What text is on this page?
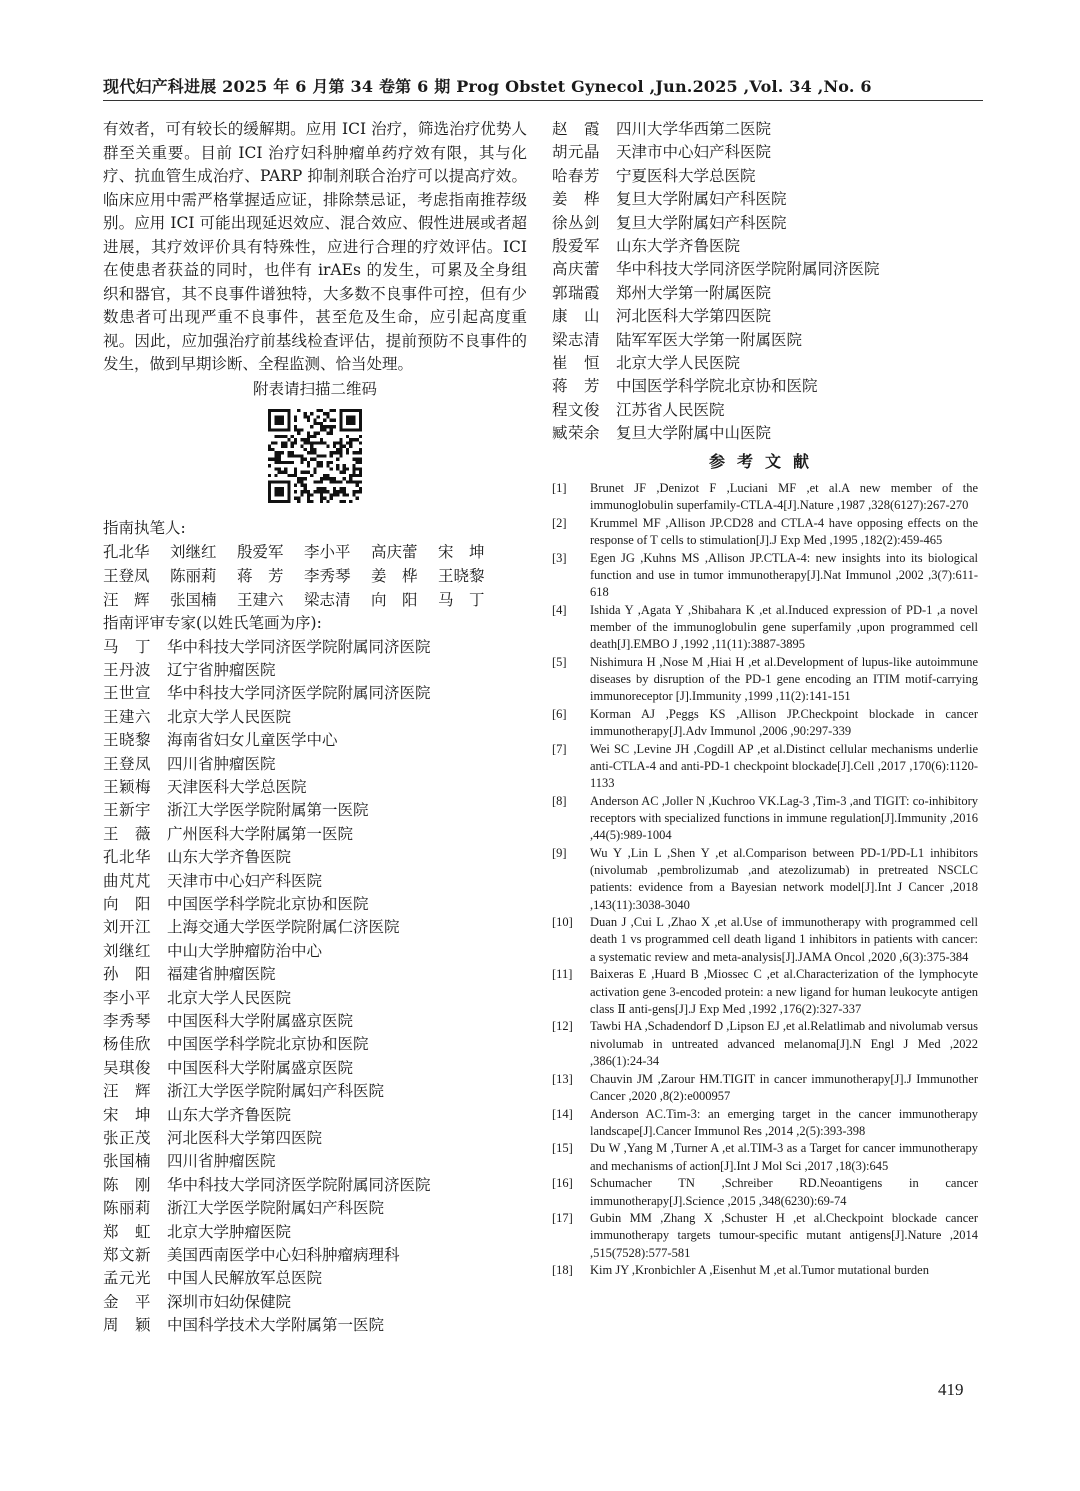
现代妇产科进展 2025 年 6 月第 34 卷第 6 期 Prog Obstet Gynecol ,Jun.2025 ,Vol. 34 ,No. 6

有效者，可有较长的缓解期。应用 ICI 治疗，筛选治疗优势人群至关重要。目前 ICI 治疗妇科肿瘤单药疗效有限，其与化疗、抗血管生成治疗、PARP 抑制剂联合治疗可以提高疗效。临床应用中需严格掌握适应证，排除禁忌证，考虑指南推荐级别。应用 ICI 可能出现延迟效应、混合效应、假性进展或者超进展，其疗效评价具有特殊性，应进行合理的疗效评估。ICI 在使患者获益的同时，也伴有 irAEs 的发生，可累及全身组织和器官，其不良事件谱独特，大多数不良事件可控，但有少数患者可出现严重不良事件，甚至危及生命，应引起高度重视。因此，应加强治疗前基线检查评估，提前预防不良事件的发生，做到早期诊断、全程监测、恰当处理。

附表请扫描二维码
指南执笔人:
孔北华	刘继红	殷爱军	李小平	高庆蕾	宋　坤
王登凤	陈丽莉	蒋　芳	李秀琴	姜　桦	王晓黎
汪　辉	张国楠	王建六	梁志清	向　阳	马　丁
指南评审专家(以姓氏笔画为序):
马　丁	华中科技大学同济医学院附属同济医院
王丹波	辽宁省肿瘤医院
王世宣	华中科技大学同济医学院附属同济医院
王建六	北京大学人民医院
王晓黎	海南省妇女儿童医学中心
王登凤	四川省肿瘤医院
王颖梅	天津医科大学总医院
王新宇	浙江大学医学院附属第一医院
王　薇	广州医科大学附属第一医院
孔北华	山东大学齐鲁医院
曲芃芃	天津市中心妇产科医院
向　阳	中国医学科学院北京协和医院
刘开江	上海交通大学医学院附属仁济医院
刘继红	中山大学肿瘤防治中心
孙　阳	福建省肿瘤医院
李小平	北京大学人民医院
李秀琴	中国医科大学附属盛京医院
杨佳欣	中国医学科学院北京协和医院
吴琪俊	中国医科大学附属盛京医院
汪　辉	浙江大学医学院附属妇产科医院
宋　坤	山东大学齐鲁医院
张正茂	河北医科大学第四医院
张国楠	四川省肿瘤医院
陈　刚	华中科技大学同济医学院附属同济医院
陈丽莉	浙江大学医学院附属妇产科医院
郑　虹	北京大学肿瘤医院
郑文新	美国西南医学中心妇科肿瘤病理科
孟元光	中国人民解放军总医院
金　平	深圳市妇幼保健院
周　颖	中国科学技术大学附属第一医院
赵　霞	四川大学华西第二医院
胡元晶	天津市中心妇产科医院
哈春芳	宁夏医科大学总医院
姜　桦	复旦大学附属妇产科医院
徐丛剑	复旦大学附属妇产科医院
殷爱军	山东大学齐鲁医院
高庆蕾	华中科技大学同济医学院附属同济医院
郭瑞霞	郑州大学第一附属医院
康　山	河北医科大学第四医院
梁志清	陆军军医大学第一附属医院
崔　恒	北京大学人民医院
蒋　芳	中国医学科学院北京协和医院
程文俊	江苏省人民医院
臧荣余	复旦大学附属中山医院
参考文献
[1]	Brunet JF ,Denizot F ,Luciani MF ,et al.A new member of the immunoglobulin superfamily-CTLA-4[J].Nature ,1987 ,328(6127):267-270
[2]	Krummel MF ,Allison JP.CD28 and CTLA-4 have opposing effects on the response of T cells to stimulation[J].J Exp Med ,1995 ,182(2):459-465
[3]	Egen JG ,Kuhns MS ,Allison JP.CTLA-4: new insights into its biological function and use in tumor immunotherapy[J].Nat Immunol ,2002 ,3(7):611-618
[4]	Ishida Y ,Agata Y ,Shibahara K ,et al.Induced expression of PD-1 ,a novel member of the immunoglobulin gene superfamily ,upon programmed cell death[J].EMBO J ,1992 ,11(11):3887-3895
[5]	Nishimura H ,Nose M ,Hiai H ,et al.Development of lupus-like autoimmune diseases by disruption of the PD-1 gene encoding an ITIM motif-carrying immunoreceptor [J].Immunity ,1999 ,11(2):141-151
[6]	Korman AJ ,Peggs KS ,Allison JP.Checkpoint blockade in cancer immunotherapy[J].Adv Immunol ,2006 ,90:297-339
[7]	Wei SC ,Levine JH ,Cogdill AP ,et al.Distinct cellular mechanisms underlie anti-CTLA-4 and anti-PD-1 checkpoint blockade[J].Cell ,2017 ,170(6):1120-1133
[8]	Anderson AC ,Joller N ,Kuchroo VK.Lag-3 ,Tim-3 ,and TIGIT: co-inhibitory receptors with specialized functions in immune regulation[J].Immunity ,2016 ,44(5):989-1004
[9]	Wu Y ,Lin L ,Shen Y ,et al.Comparison between PD-1/PD-L1 inhibitors (nivolumab ,pembrolizumab ,and atezolizumab) in pretreated NSCLC patients: evidence from a Bayesian network model[J].Int J Cancer ,2018 ,143(11):3038-3040
[10]	Duan J ,Cui L ,Zhao X ,et al.Use of immunotherapy with programmed cell death 1 vs programmed cell death ligand 1 inhibitors in patients with cancer: a systematic review and meta-analysis[J].JAMA Oncol ,2020 ,6(3):375-384
[11]	Baixeras E ,Huard B ,Miossec C ,et al.Characterization of the lymphocyte activation gene 3-encoded protein: a new ligand for human leukocyte antigen class Ⅱ anti-gens[J].J Exp Med ,1992 ,176(2):327-337
[12]	Tawbi HA ,Schadendorf D ,Lipson EJ ,et al.Relatlimab and nivolumab versus nivolumab in untreated advanced melanoma[J].N Engl J Med ,2022 ,386(1):24-34
[13]	Chauvin JM ,Zarour HM.TIGIT in cancer immunotherapy[J].J Immunother Cancer ,2020 ,8(2):e000957
[14]	Anderson AC.Tim-3: an emerging target in the cancer immunotherapy landscape[J].Cancer Immunol Res ,2014 ,2(5):393-398
[15]	Du W ,Yang M ,Turner A ,et al.TIM-3 as a Target for cancer immunotherapy and mechanisms of action[J].Int J Mol Sci ,2017 ,18(3):645
[16]	Schumacher TN ,Schreiber RD.Neoantigens in cancer immunotherapy[J].Science ,2015 ,348(6230):69-74
[17]	Gubin MM ,Zhang X ,Schuster H ,et al.Checkpoint blockade cancer immunotherapy targets tumour-specific mutant antigens[J].Nature ,2014 ,515(7528):577-581
[18]	Kim JY ,Kronbichler A ,Eisenhut M ,et al.Tumor mutational burden
419
